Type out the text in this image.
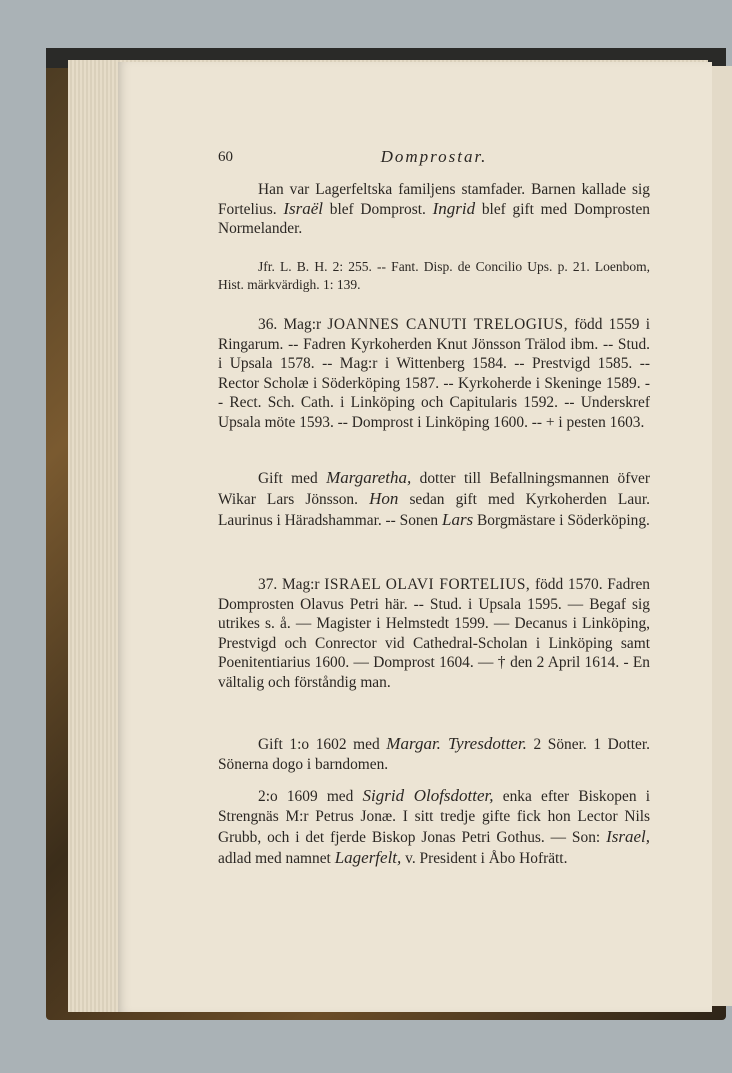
60	Domprostar.

Han var Lagerfeltska familjens stamfader. Barnen kallade sig Fortelius. Israël blef Domprost. Ingrid blef gift med Domprosten Normelander.

Jfr. L. B. H. 2: 255. -- Fant. Disp. de Concilio Ups. p. 21. Loenbom, Hist. märkvärdigh. 1: 139.

36. Mag:r JOANNES CANUTI TRELOGIUS, född 1559 i Ringarum. -- Fadren Kyrkoherden Knut Jönsson Trälod ibm. -- Stud. i Upsala 1578. -- Mag:r i Wittenberg 1584. -- Prestvigd 1585. -- Rector Scholæ i Söderköping 1587. -- Kyrkoherde i Skeninge 1589. -- Rect. Sch. Cath. i Linköping och Capitularis 1592. -- Underskref Upsala möte 1593. -- Domprost i Linköping 1600. -- + i pesten 1603.

Gift med Margaretha, dotter till Befallningsmannen öfver Wikar Lars Jönsson. Hon sedan gift med Kyrkoherden Laur. Laurinus i Häradshammar. -- Sonen Lars Borgmästare i Söderköping.

37. Mag:r ISRAEL OLAVI FORTELIUS, född 1570. Fadren Domprosten Olavus Petri här. -- Stud. i Upsala 1595. — Begaf sig utrikes s. å. — Magister i Helmstedt 1599. — Decanus i Linköping, Prestvigd och Conrector vid Cathedral-Scholan i Linköping samt Poenitentiarius 1600. — Domprost 1604. — † den 2 April 1614. - En vältalig och förståndig man.

Gift 1:o 1602 med Margar. Tyresdotter. 2 Söner. 1 Dotter. Sönerna dogo i barndomen.

2:o 1609 med Sigrid Olofsdotter, enka efter Biskopen i Strengnäs M:r Petrus Jonæ. I sitt tredje gifte fick hon Lector Nils Grubb, och i det fjerde Biskop Jonas Petri Gothus. — Son: Israel, adlad med namnet Lagerfelt, v. President i Åbo Hofrätt.
